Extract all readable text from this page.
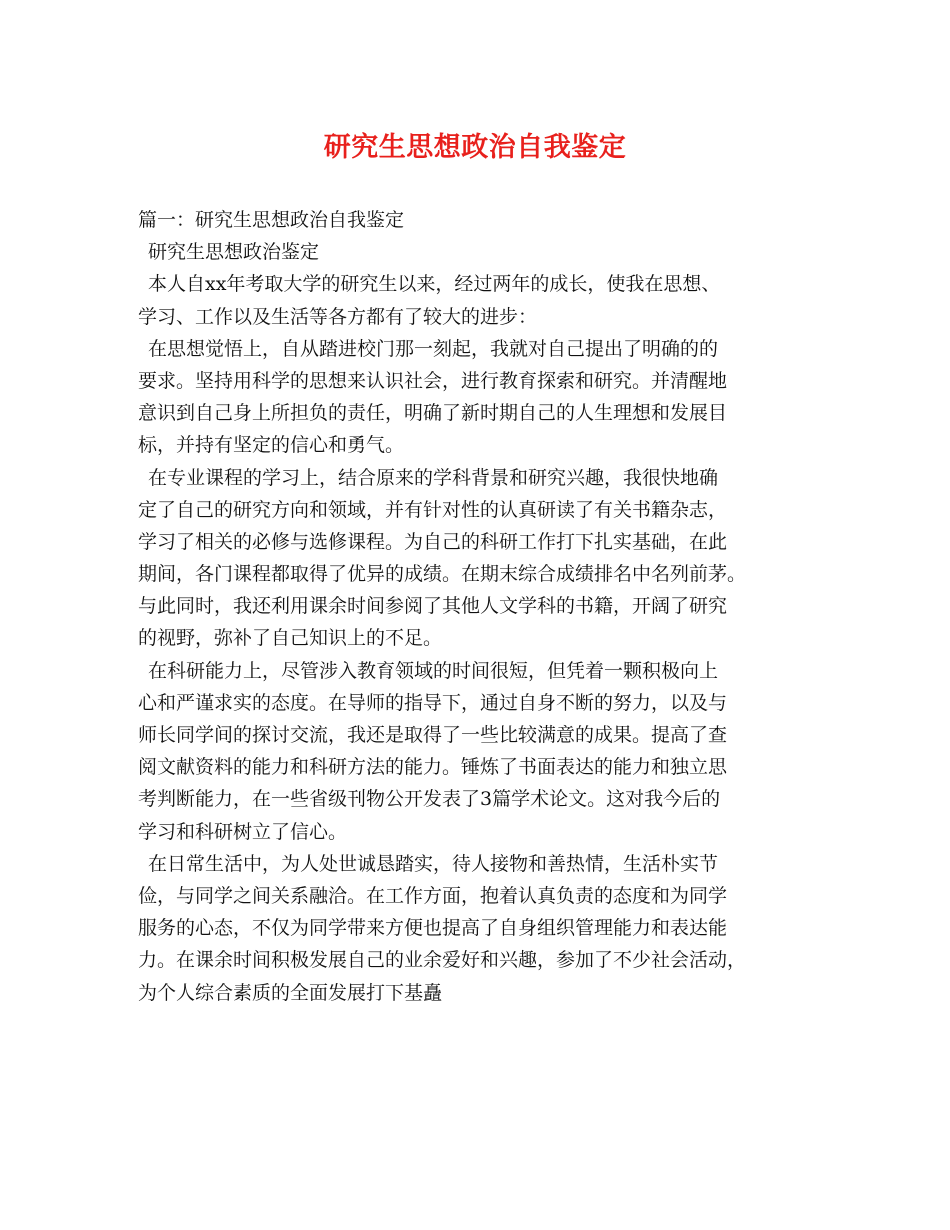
研究生思想政治自我鉴定
篇一：研究生思想政治自我鉴定
研究生思想政治鉴定
本人自xx年考取大学的研究生以来，经过两年的成长，使我在思想、
学习、工作以及生活等各方都有了较大的进步：
在思想觉悟上，自从踏进校门那一刻起，我就对自己提出了明确的的
要求。坚持用科学的思想来认识社会，进行教育探索和研究。并清醒地
意识到自己身上所担负的责任，明确了新时期自己的人生理想和发展目
标，并持有坚定的信心和勇气。
在专业课程的学习上，结合原来的学科背景和研究兴趣，我很快地确
定了自己的研究方向和领域，并有针对性的认真研读了有关书籍杂志，
学习了相关的必修与选修课程。为自己的科研工作打下扎实基础，在此
期间，各门课程都取得了优异的成绩。在期末综合成绩排名中名列前茅。
与此同时，我还利用课余时间参阅了其他人文学科的书籍，开阔了研究
的视野，弥补了自己知识上的不足。
在科研能力上，尽管涉入教育领域的时间很短，但凭着一颗积极向上
心和严谨求实的态度。在导师的指导下，通过自身不断的努力，以及与
师长同学间的探讨交流，我还是取得了一些比较满意的成果。提高了查
阅文献资料的能力和科研方法的能力。锤炼了书面表达的能力和独立思
考判断能力，在一些省级刊物公开发表了3篇学术论文。这对我今后的
学习和科研树立了信心。
在日常生活中，为人处世诚恳踏实，待人接物和善热情，生活朴实节
俭，与同学之间关系融洽。在工作方面，抱着认真负责的态度和为同学
服务的心态，不仅为同学带来方便也提高了自身组织管理能力和表达能
力。在课余时间积极发展自己的业余爱好和兴趣，参加了不少社会活动，
为个人综合素质的全面发展打下基矗
